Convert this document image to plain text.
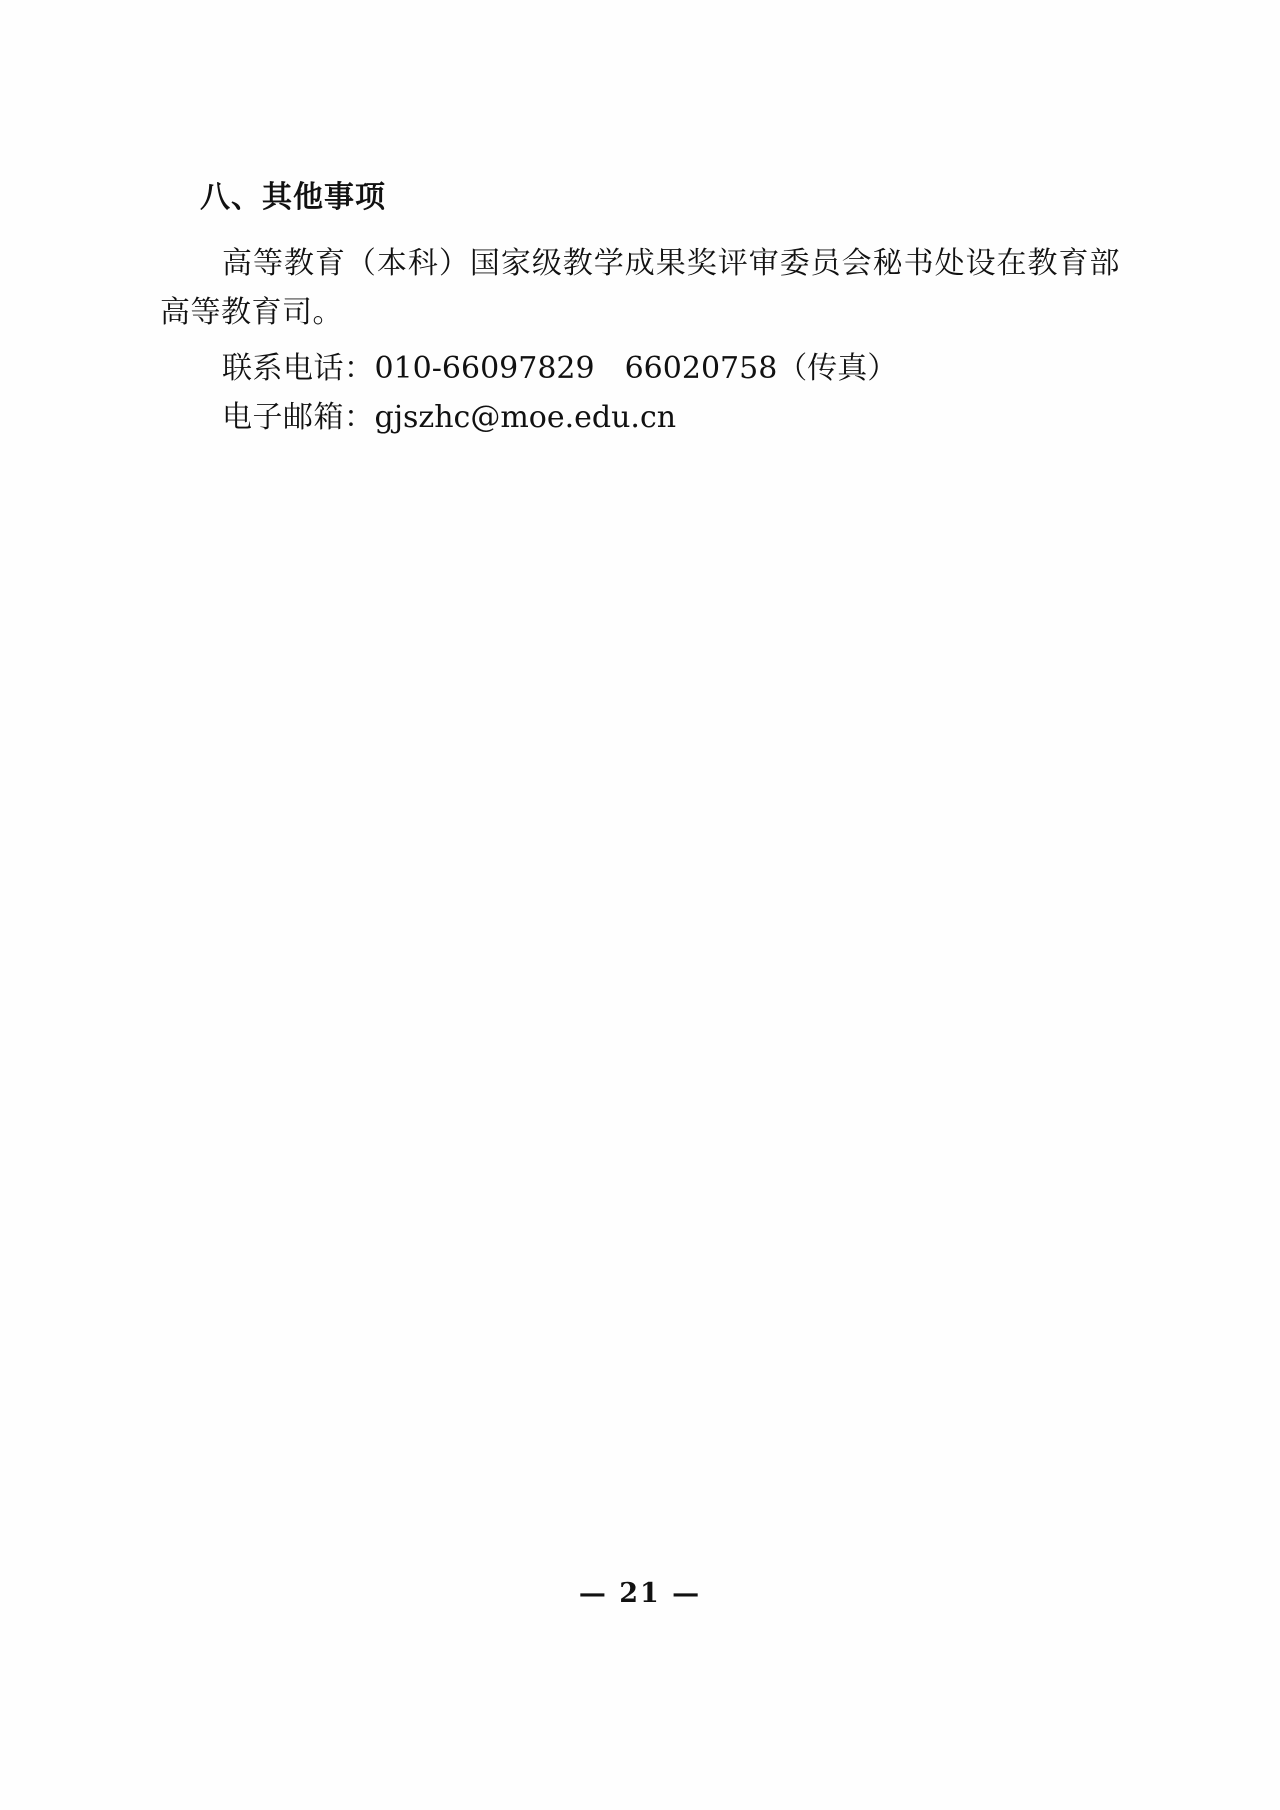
八、其他事项

高等教育（本科）国家级教学成果奖评审委员会秘书处设在教育部高等教育司。

联系电话：010-66097829　66020758（传真）

电子邮箱：gjszhc@moe.edu.cn

— 21 —
